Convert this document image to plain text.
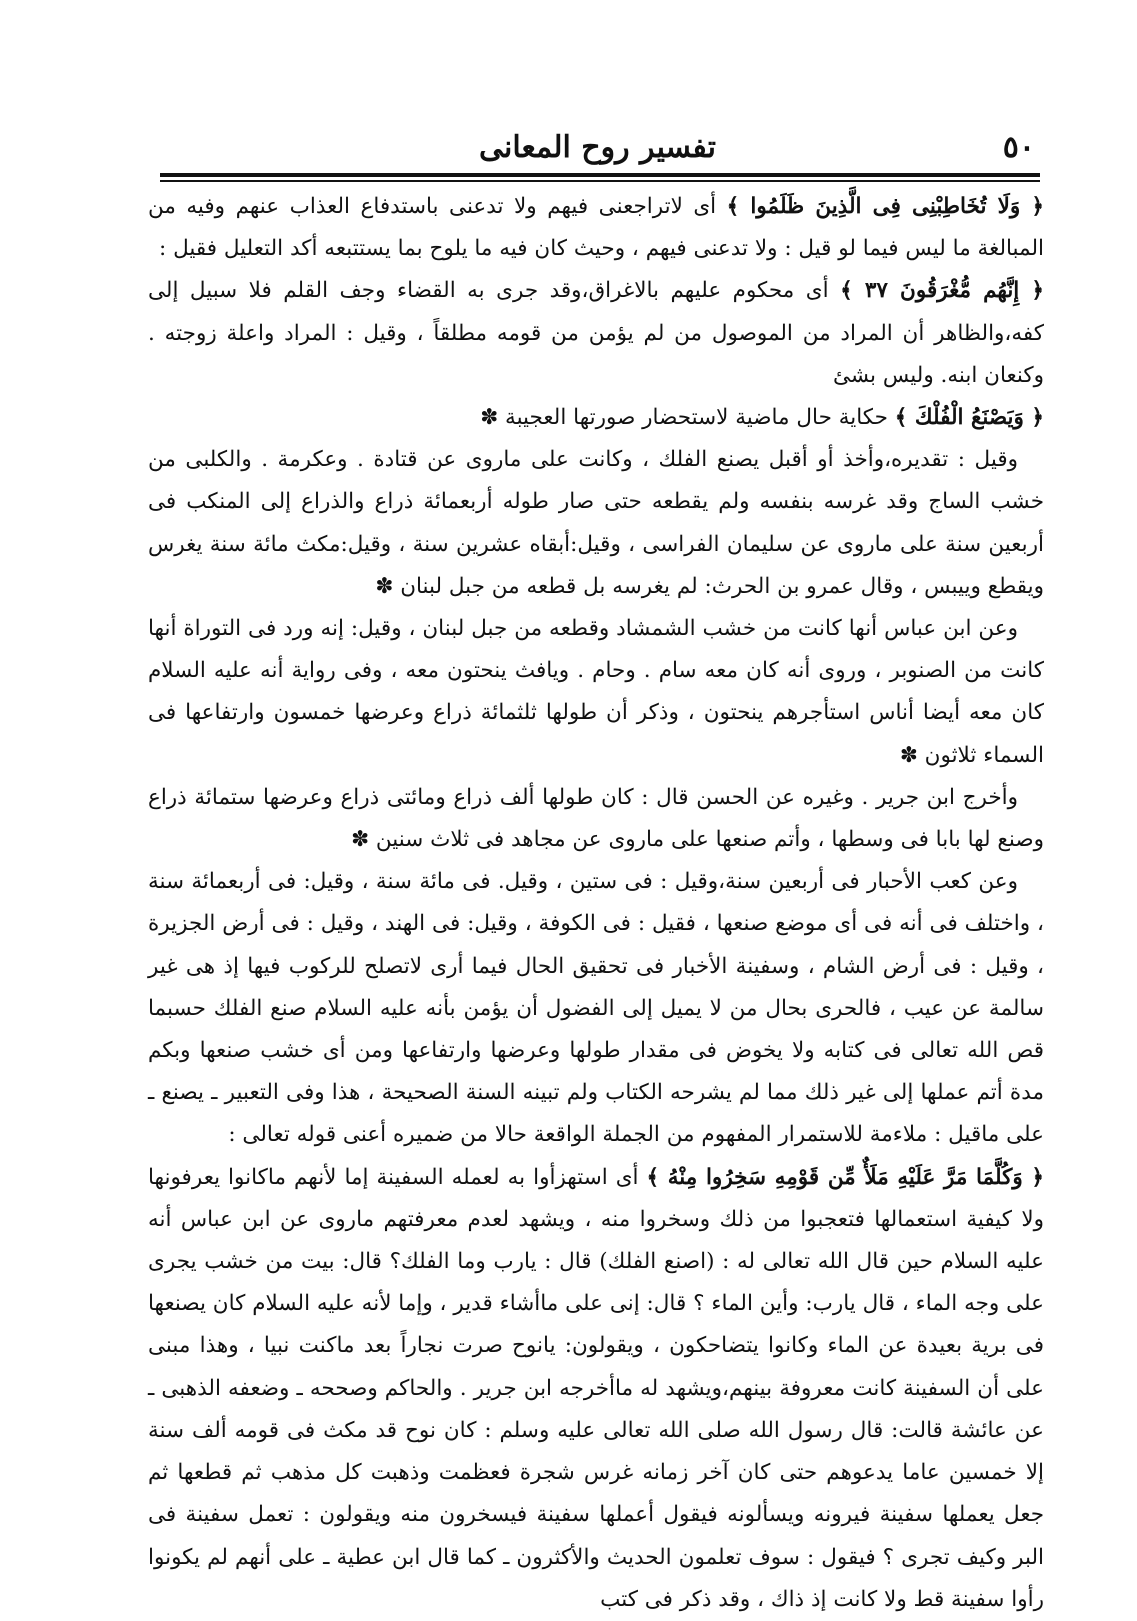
٥٠
تفسير روح المعانى

﴿ وَلَا تُخَاطِبْنِى فِى الَّذِينَ ظَلَمُوا ﴾ أى لاتراجعنى فيهم ولا تدعنى باستدفاع العذاب عنهم وفيه من المبالغة ما ليس فيما لو قيل : ولا تدعنى فيهم ، وحيث كان فيه ما يلوح بما يستتبعه أكد التعليل فقيل :

﴿ إِنَّهُم مُّغْرَقُونَ ٣٧ ﴾ أى محكوم عليهم بالاغراق،وقد جرى به القضاء وجف القلم فلا سبيل إلى كفه،والظاهر أن المراد من الموصول من لم يؤمن من قومه مطلقاً ، وقيل : المراد واعلة زوجته . وكنعان ابنه. وليس بشئ

﴿ وَيَصْنَعُ الْفُلْكَ ﴾ حكاية حال ماضية لاستحضار صورتها العجيبة ✽

وقيل : تقديره،وأخذ أو أقبل يصنع الفلك ، وكانت على ماروى عن قتادة . وعكرمة . والكلبى من خشب الساج وقد غرسه بنفسه ولم يقطعه حتى صار طوله أربعمائة ذراع والذراع إلى المنكب فى أربعين سنة على ماروى عن سليمان الفراسى ، وقيل:أبقاه عشرين سنة ، وقيل:مكث مائة سنة يغرس ويقطع وييبس ، وقال عمرو بن الحرث: لم يغرسه بل قطعه من جبل لبنان ✽

وعن ابن عباس أنها كانت من خشب الشمشاد وقطعه من جبل لبنان ، وقيل: إنه ورد فى التوراة أنها كانت من الصنوبر ، وروى أنه كان معه سام . وحام . ويافث ينحتون معه ، وفى رواية أنه عليه السلام كان معه أيضا أناس استأجرهم ينحتون ، وذكر أن طولها ثلثمائة ذراع وعرضها خمسون وارتفاعها فى السماء ثلاثون ✽

وأخرج ابن جرير . وغيره عن الحسن قال : كان طولها ألف ذراع ومائتى ذراع وعرضها ستمائة ذراع وصنع لها بابا فى وسطها ، وأتم صنعها على ماروى عن مجاهد فى ثلاث سنين ✽

وعن كعب الأحبار فى أربعين سنة،وقيل : فى ستين ، وقيل. فى مائة سنة ، وقيل: فى أربعمائة سنة ، واختلف فى أنه فى أى موضع صنعها ، فقيل : فى الكوفة ، وقيل: فى الهند ، وقيل : فى أرض الجزيرة ، وقيل : فى أرض الشام ، وسفينة الأخبار فى تحقيق الحال فيما أرى لاتصلح للركوب فيها إذ هى غير سالمة عن عيب ، فالحرى بحال من لا يميل إلى الفضول أن يؤمن بأنه عليه السلام صنع الفلك حسبما قص الله تعالى فى كتابه ولا يخوض فى مقدار طولها وعرضها وارتفاعها ومن أى خشب صنعها وبكم مدة أتم عملها إلى غير ذلك مما لم يشرحه الكتاب ولم تبينه السنة الصحيحة ، هذا وفى التعبير ـ يصنع ـ على ماقيل : ملاءمة للاستمرار المفهوم من الجملة الواقعة حالا من ضميره أعنى قوله تعالى :

﴿ وَكُلَّمَا مَرَّ عَلَيْهِ مَلَأٌ مِّن قَوْمِهِ سَخِرُوا مِنْهُ ﴾ أى استهزأوا به لعمله السفينة إما لأنهم ماكانوا يعرفونها ولا كيفية استعمالها فتعجبوا من ذلك وسخروا منه ، ويشهد لعدم معرفتهم ماروى عن ابن عباس أنه عليه السلام حين قال الله تعالى له : (اصنع الفلك) قال : يارب وما الفلك؟ قال: بيت من خشب يجرى على وجه الماء ، قال يارب: وأين الماء ؟ قال: إنى على ماأشاء قدير ، وإما لأنه عليه السلام كان يصنعها فى برية بعيدة عن الماء وكانوا يتضاحكون ، ويقولون: يانوح صرت نجاراً بعد ماكنت نبيا ، وهذا مبنى على أن السفينة كانت معروفة بينهم،ويشهد له ماأخرجه ابن جرير . والحاكم وصححه ـ وضعفه الذهبى ـ عن عائشة قالت: قال رسول الله صلى الله تعالى عليه وسلم : كان نوح قد مكث فى قومه ألف سنة إلا خمسين عاما يدعوهم حتى كان آخر زمانه غرس شجرة فعظمت وذهبت كل مذهب ثم قطعها ثم جعل يعملها سفينة فيرونه ويسألونه فيقول أعملها سفينة فيسخرون منه ويقولون : تعمل سفينة فى البر وكيف تجرى ؟ فيقول : سوف تعلمون الحديث والأكثرون ـ كما قال ابن عطية ـ على أنهم لم يكونوا رأوا سفينة قط ولا كانت إذ ذاك ، وقد ذكر فى كتب
